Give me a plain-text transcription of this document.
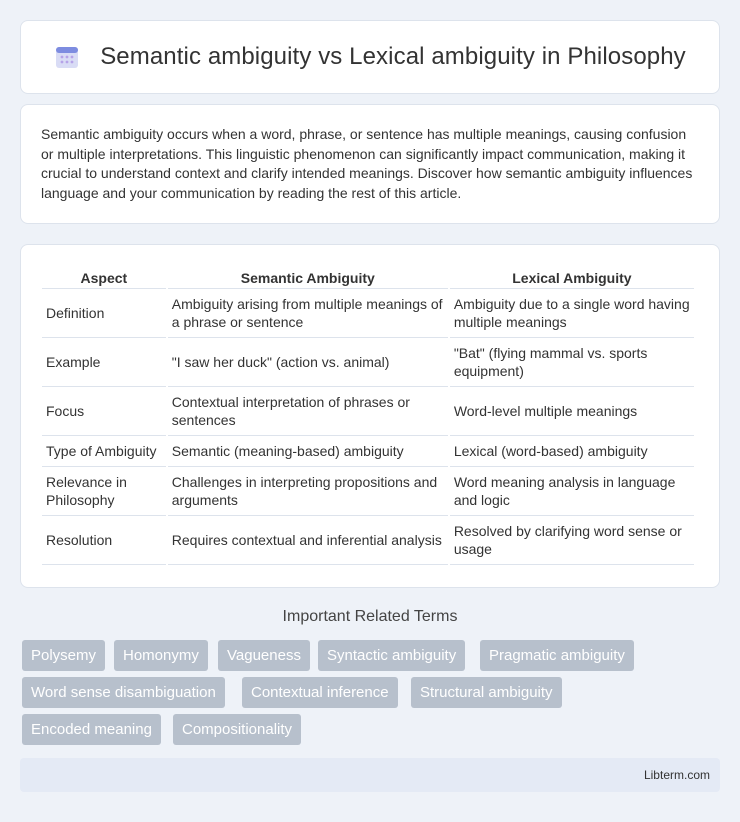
Semantic ambiguity vs Lexical ambiguity in Philosophy

Semantic ambiguity occurs when a word, phrase, or sentence has multiple meanings, causing confusion or multiple interpretations. This linguistic phenomenon can significantly impact communication, making it crucial to understand context and clarify intended meanings. Discover how semantic ambiguity influences language and your communication by reading the rest of this article.

Aspect	Semantic Ambiguity	Lexical Ambiguity
Definition	Ambiguity arising from multiple meanings of a phrase or sentence	Ambiguity due to a single word having multiple meanings
Example	"I saw her duck" (action vs. animal)	"Bat" (flying mammal vs. sports equipment)
Focus	Contextual interpretation of phrases or sentences	Word-level multiple meanings
Type of Ambiguity	Semantic (meaning-based) ambiguity	Lexical (word-based) ambiguity
Relevance in Philosophy	Challenges in interpreting propositions and arguments	Word meaning analysis in language and logic
Resolution	Requires contextual and inferential analysis	Resolved by clarifying word sense or usage
Important Related Terms
Polysemy	Homonymy	Vagueness	Syntactic ambiguity	Pragmatic ambiguity
Word sense disambiguation	Contextual inference	Structural ambiguity
Encoded meaning	Compositionality
Libterm.com
